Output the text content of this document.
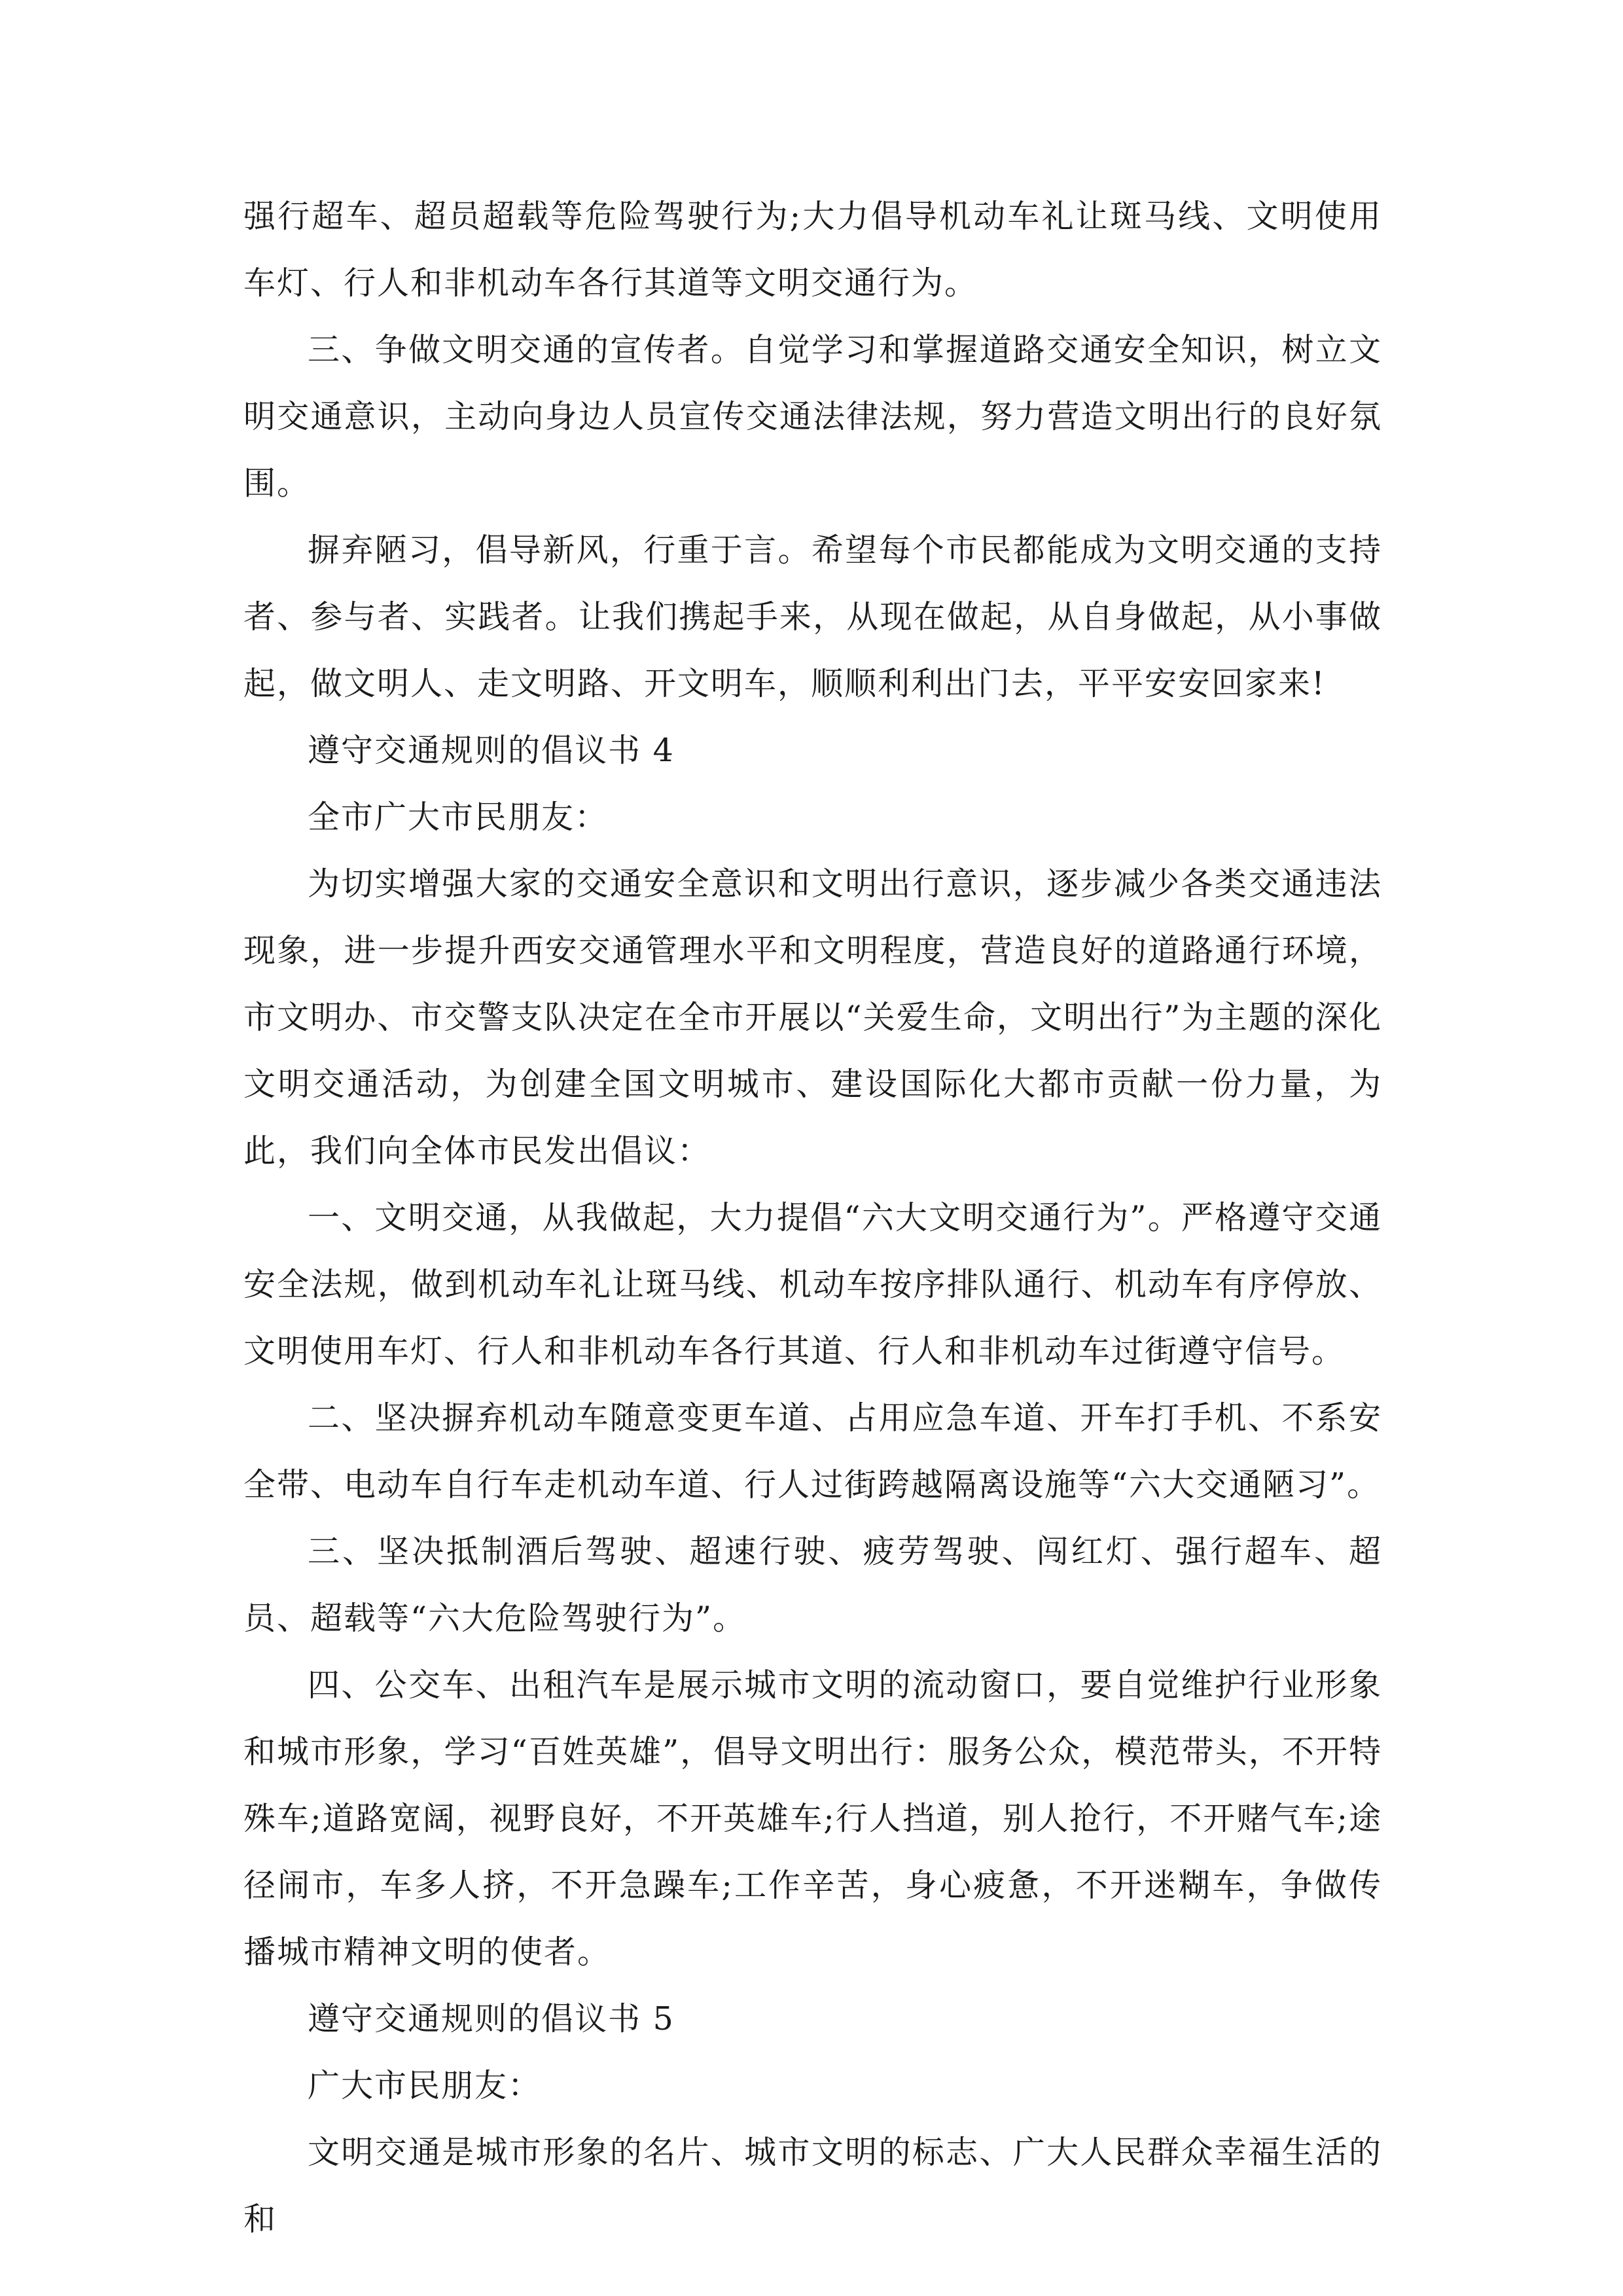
强行超车、超员超载等危险驾驶行为;大力倡导机动车礼让斑马线、文明使用车灯、行人和非机动车各行其道等文明交通行为。

三、争做文明交通的宣传者。自觉学习和掌握道路交通安全知识，树立文明交通意识，主动向身边人员宣传交通法律法规，努力营造文明出行的良好氛围。

摒弃陋习，倡导新风，行重于言。希望每个市民都能成为文明交通的支持者、参与者、实践者。让我们携起手来，从现在做起，从自身做起，从小事做起，做文明人、走文明路、开文明车，顺顺利利出门去，平平安安回家来!

遵守交通规则的倡议书 4

全市广大市民朋友：

为切实增强大家的交通安全意识和文明出行意识，逐步减少各类交通违法现象，进一步提升西安交通管理水平和文明程度，营造良好的道路通行环境，市文明办、市交警支队决定在全市开展以“关爱生命，文明出行”为主题的深化文明交通活动，为创建全国文明城市、建设国际化大都市贡献一份力量，为此，我们向全体市民发出倡议：

一、文明交通，从我做起，大力提倡“六大文明交通行为”。严格遵守交通安全法规，做到机动车礼让斑马线、机动车按序排队通行、机动车有序停放、文明使用车灯、行人和非机动车各行其道、行人和非机动车过街遵守信号。

二、坚决摒弃机动车随意变更车道、占用应急车道、开车打手机、不系安全带、电动车自行车走机动车道、行人过街跨越隔离设施等“六大交通陋习”。

三、坚决抵制酒后驾驶、超速行驶、疲劳驾驶、闯红灯、强行超车、超员、超载等“六大危险驾驶行为”。

四、公交车、出租汽车是展示城市文明的流动窗口，要自觉维护行业形象和城市形象，学习“百姓英雄”，倡导文明出行：服务公众，模范带头，不开特殊车;道路宽阔，视野良好，不开英雄车;行人挡道，别人抢行，不开赌气车;途径闹市，车多人挤，不开急躁车;工作辛苦，身心疲惫，不开迷糊车，争做传播城市精神文明的使者。

遵守交通规则的倡议书 5

广大市民朋友：

文明交通是城市形象的名片、城市文明的标志、广大人民群众幸福生活的和
